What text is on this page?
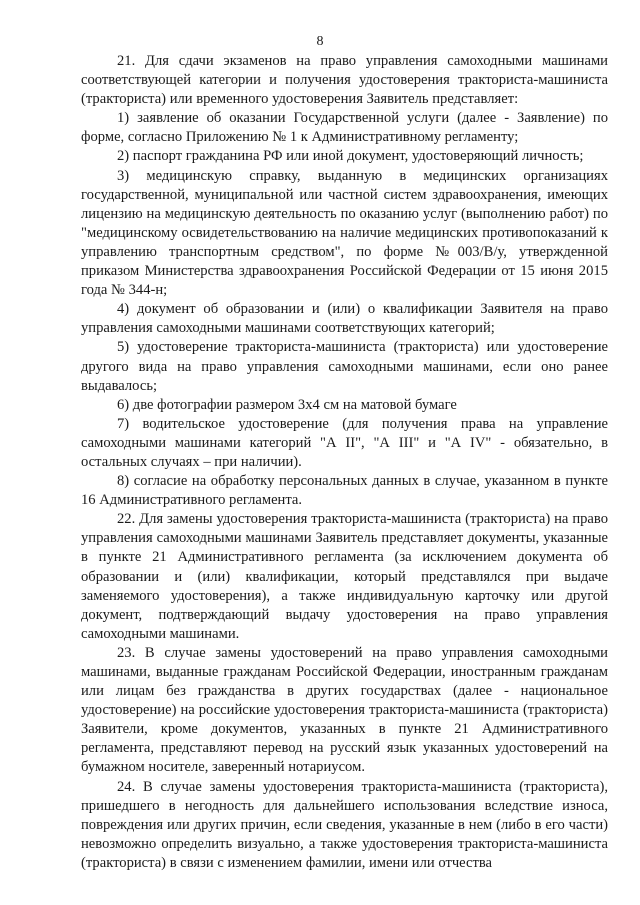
8

21. Для сдачи экзаменов на право управления самоходными машинами соответствующей категории и получения удостоверения тракториста-машиниста (тракториста) или временного удостоверения Заявитель представляет:

1) заявление об оказании Государственной услуги (далее - Заявление) по форме, согласно Приложению № 1 к Административному регламенту;

2) паспорт гражданина РФ или иной документ, удостоверяющий личность;

3) медицинскую справку, выданную в медицинских организациях государственной, муниципальной или частной систем здравоохранения, имеющих лицензию на медицинскую деятельность по оказанию услуг (выполнению работ) по "медицинскому освидетельствованию на наличие медицинских противопоказаний к управлению транспортным средством", по форме №003/В/у, утвержденной приказом Министерства здравоохранения Российской Федерации от 15 июня 2015 года № 344-н;

4) документ об образовании и (или) о квалификации Заявителя на право управления самоходными машинами соответствующих категорий;

5) удостоверение тракториста-машиниста (тракториста) или удостоверение другого вида на право управления самоходными машинами, если оно ранее выдавалось;

6) две фотографии размером 3х4 см на матовой бумаге

7) водительское удостоверение (для получения права на управление самоходными машинами категорий "А II", "А III" и "А IV" - обязательно, в остальных случаях – при наличии).

8) согласие на обработку персональных данных в случае, указанном в пункте 16 Административного регламента.

22. Для замены удостоверения тракториста-машиниста (тракториста) на право управления самоходными машинами Заявитель представляет документы, указанные в пункте 21 Административного регламента (за исключением документа об образовании и (или) квалификации, который представлялся при выдаче заменяемого удостоверения), а также индивидуальную карточку или другой документ, подтверждающий выдачу удостоверения на право управления самоходными машинами.

23. В случае замены удостоверений на право управления самоходными машинами, выданные гражданам Российской Федерации, иностранным гражданам или лицам без гражданства в других государствах (далее - национальное удостоверение) на российские удостоверения тракториста-машиниста (тракториста) Заявители, кроме документов, указанных в пункте 21 Административного регламента, представляют перевод на русский язык указанных удостоверений на бумажном носителе, заверенный нотариусом.

24. В случае замены удостоверения тракториста-машиниста (тракториста), пришедшего в негодность для дальнейшего использования вследствие износа, повреждения или других причин, если сведения, указанные в нем (либо в его части) невозможно определить визуально, а также удостоверения тракториста-машиниста (тракториста) в связи с изменением фамилии, имени или отчества
